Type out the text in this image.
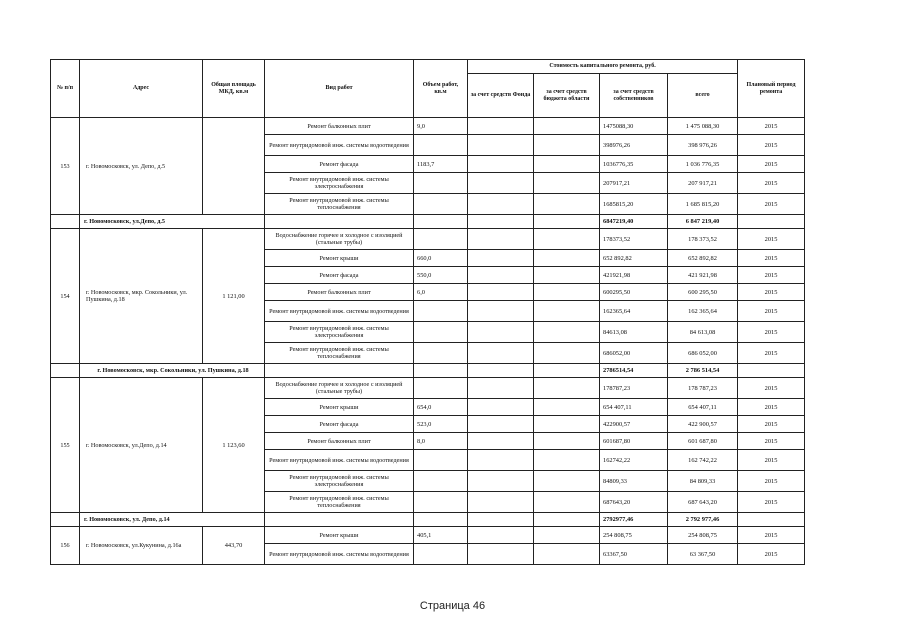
№ п/п	Адрес	Общая площадь МКД, кв.м	Вид работ	Объем работ, кв.м	Стоимость капитального ремонта, руб.				Плановый период ремонта
					за счет средств Фонда	за счет средств бюджета области	за счет средств собственников	всего	
153	г. Новомосковск, ул. Депо, д.5		Ремонт балконных плит	9,0			1475088,30	1 475 088,30	2015
			Ремонт внутридомовой инж. системы водоотведения				398976,26	398 976,26	2015
			Ремонт фасада	1183,7			1036776,35	1 036 776,35	2015
			Ремонт внутридомовой инж. системы электроснабжения				207917,21	207 917,21	2015
			Ремонт внутридомовой инж. системы теплоснабжения				1685815,20	1 685 815,20	2015
	г. Новомосковск, ул.Депо, д.5						6847219,40	6 847 219,40	
154	г. Новомосковск, мкр. Сокольники, ул. Пушкина, д.18	1 121,00	Водоснабжение горячее и холодное с изоляцией (стальные трубы)				178373,52	178 373,52	2015
			Ремонт крыши	660,0			652 892,82	652 892,82	2015
			Ремонт фасада	550,0			421921,98	421 921,98	2015
			Ремонт балконных плит	6,0			600295,50	600 295,50	2015
			Ремонт внутридомовой инж. системы водоотведения				162365,64	162 365,64	2015
			Ремонт внутридомовой инж. системы электроснабжения				84613,08	84 613,08	2015
			Ремонт внутридомовой инж. системы теплоснабжения				686052,00	686 052,00	2015
	г. Новомосковск, мкр. Сокольники, ул. Пушкина, д.18						2786514,54	2 786 514,54	
155	г. Новомосковск, ул.Депо, д.14	1 123,60	Водоснабжение горячее и холодное с изоляцией (стальные трубы)				178787,23	178 787,23	2015
			Ремонт крыши	654,0			654 407,11	654 407,11	2015
			Ремонт фасада	523,0			422900,57	422 900,57	2015
			Ремонт балконных плит	8,0			601687,80	601 687,80	2015
			Ремонт внутридомовой инж. системы водоотведения				162742,22	162 742,22	2015
			Ремонт внутридомовой инж. системы электроснабжения				84809,33	84 809,33	2015
			Ремонт внутридомовой инж. системы теплоснабжения				687643,20	687 643,20	2015
	г. Новомосковск, ул. Депо, д.14						2792977,46	2 792 977,46	
156	г. Новомосковск, ул.Кукунина, д.16а	443,70	Ремонт крыши	405,1			254 808,75	254 808,75	2015
			Ремонт внутридомовой инж. системы водоотведения				63367,50	63 367,50	2015
Страница 46
